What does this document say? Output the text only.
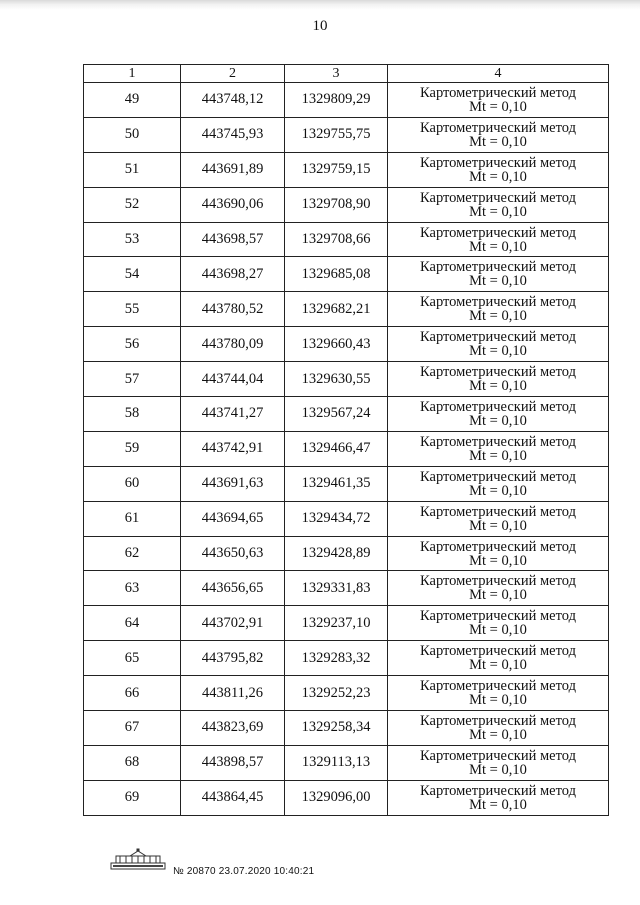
10
1	2	3	4
49	443748,12	1329809,29	Картометрический метод
Mt = 0,10

50	443745,93	1329755,75	Картометрический метод
Mt = 0,10

51	443691,89	1329759,15	Картометрический метод
Mt = 0,10

52	443690,06	1329708,90	Картометрический метод
Mt = 0,10

53	443698,57	1329708,66	Картометрический метод
Mt = 0,10

54	443698,27	1329685,08	Картометрический метод
Mt = 0,10

55	443780,52	1329682,21	Картометрический метод
Mt = 0,10

56	443780,09	1329660,43	Картометрический метод
Mt = 0,10

57	443744,04	1329630,55	Картометрический метод
Mt = 0,10

58	443741,27	1329567,24	Картометрический метод
Mt = 0,10

59	443742,91	1329466,47	Картометрический метод
Mt = 0,10

60	443691,63	1329461,35	Картометрический метод
Mt = 0,10

61	443694,65	1329434,72	Картометрический метод
Mt = 0,10

62	443650,63	1329428,89	Картометрический метод
Mt = 0,10

63	443656,65	1329331,83	Картометрический метод
Mt = 0,10

64	443702,91	1329237,10	Картометрический метод
Mt = 0,10

65	443795,82	1329283,32	Картометрический метод
Mt = 0,10

66	443811,26	1329252,23	Картометрический метод
Mt = 0,10

67	443823,69	1329258,34	Картометрический метод
Mt = 0,10

68	443898,57	1329113,13	Картометрический метод
Mt = 0,10

69	443864,45	1329096,00	Картометрический метод
Mt = 0,10
№ 20870 23.07.2020 10:40:21
